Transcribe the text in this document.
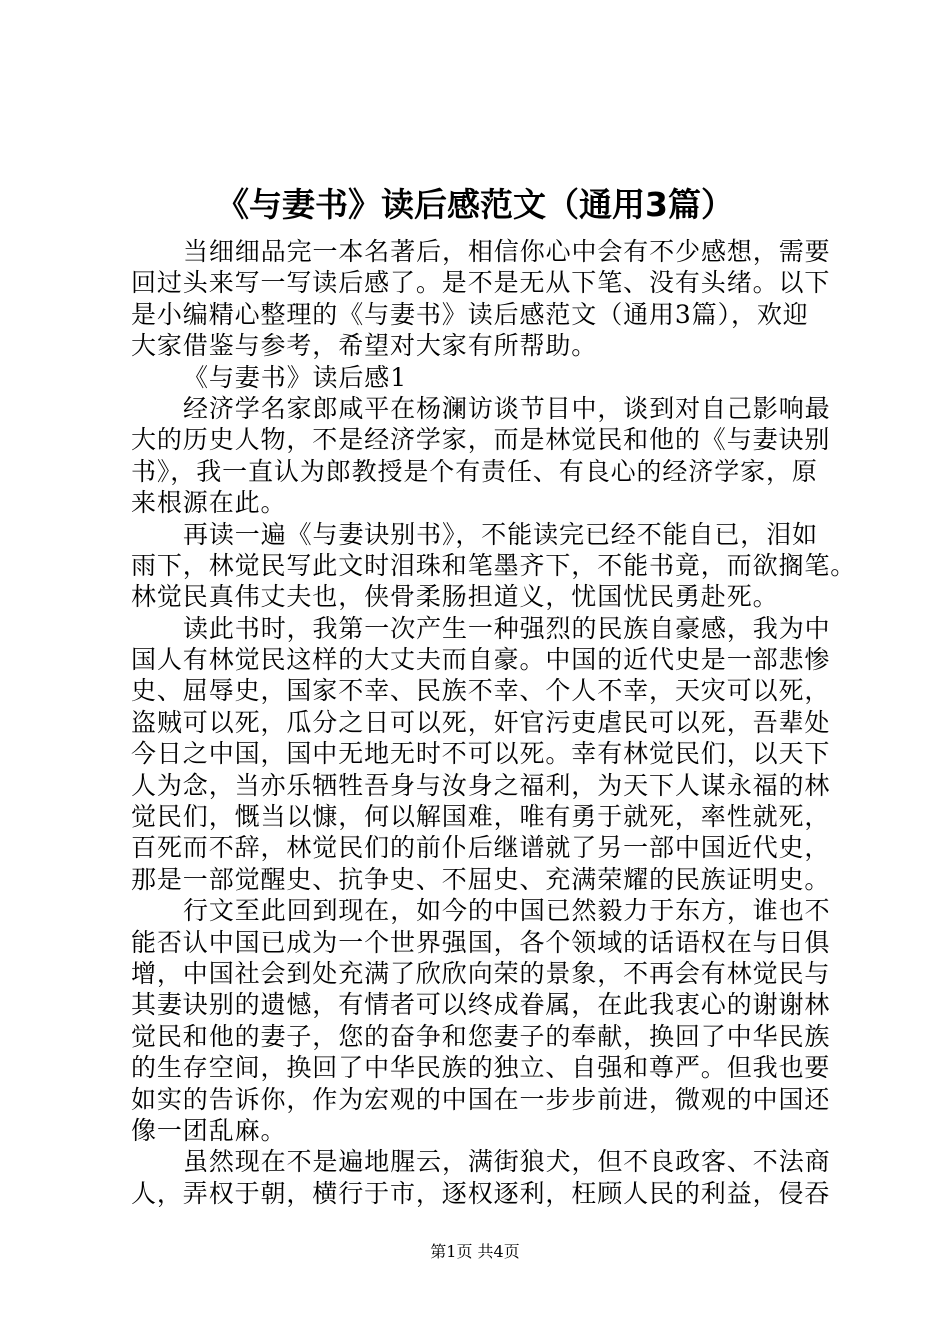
《与妻书》读后感范文（通用3篇）
当细细品完一本名著后，相信你心中会有不少感想，需要
回过头来写一写读后感了。是不是无从下笔、没有头绪。以下
是小编精心整理的《与妻书》读后感范文（通用3篇），欢迎
大家借鉴与参考，希望对大家有所帮助。
《与妻书》读后感1
经济学名家郎咸平在杨澜访谈节目中，谈到对自己影响最
大的历史人物，不是经济学家，而是林觉民和他的《与妻诀别
书》，我一直认为郎教授是个有责任、有良心的经济学家，原
来根源在此。
再读一遍《与妻诀别书》，不能读完已经不能自已，泪如
雨下，林觉民写此文时泪珠和笔墨齐下，不能书竟，而欲搁笔。
林觉民真伟丈夫也，侠骨柔肠担道义，忧国忧民勇赴死。
读此书时，我第一次产生一种强烈的民族自豪感，我为中
国人有林觉民这样的大丈夫而自豪。中国的近代史是一部悲惨
史、屈辱史，国家不幸、民族不幸、个人不幸，天灾可以死，
盗贼可以死，瓜分之日可以死，奸官污吏虐民可以死，吾辈处
今日之中国，国中无地无时不可以死。幸有林觉民们，以天下
人为念，当亦乐牺牲吾身与汝身之福利，为天下人谋永福的林
觉民们，慨当以慷，何以解国难，唯有勇于就死，率性就死，
百死而不辞，林觉民们的前仆后继谱就了另一部中国近代史，
那是一部觉醒史、抗争史、不屈史、充满荣耀的民族证明史。
行文至此回到现在，如今的中国已然毅力于东方，谁也不
能否认中国已成为一个世界强国，各个领域的话语权在与日俱
增，中国社会到处充满了欣欣向荣的景象，不再会有林觉民与
其妻诀别的遗憾，有情者可以终成眷属，在此我衷心的谢谢林
觉民和他的妻子，您的奋争和您妻子的奉献，换回了中华民族
的生存空间，换回了中华民族的独立、自强和尊严。但我也要
如实的告诉你，作为宏观的中国在一步步前进，微观的中国还
像一团乱麻。
虽然现在不是遍地腥云，满街狼犬，但不良政客、不法商
人，弄权于朝，横行于市，逐权逐利，枉顾人民的利益，侵吞
第1页 共4页
